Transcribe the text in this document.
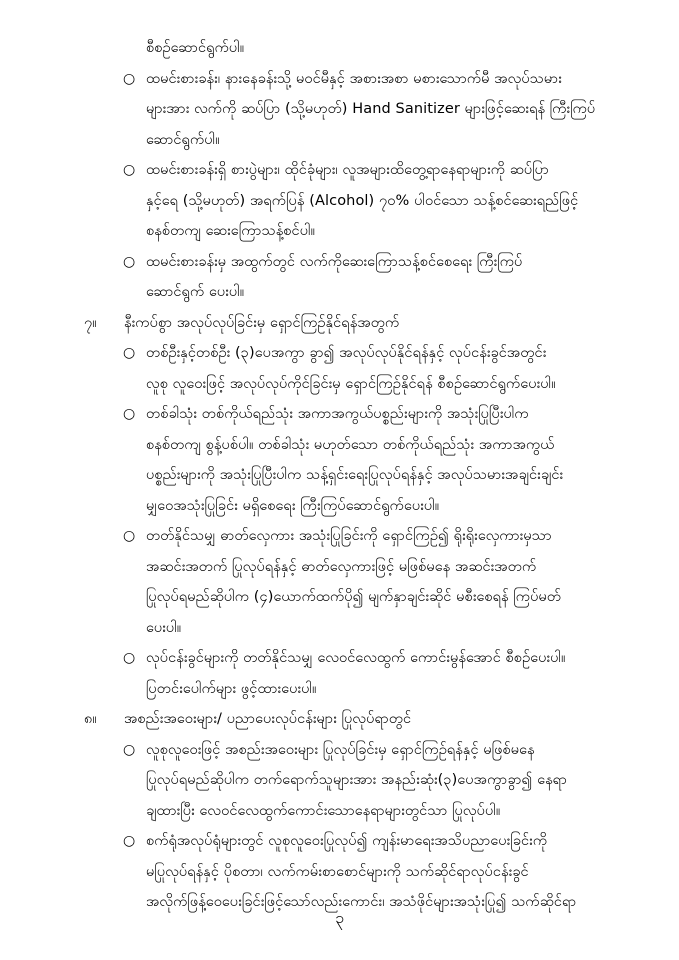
စီစဉ်ဆောင်ရွက်ပါ။
○ ထမင်းစားခန်း၊ နားနေခန်းသို့ မဝင်မီနှင့် အစားအစာ မစားသောက်မီ အလုပ်သမား
များအား လက်ကို ဆပ်ပြာ (သို့မဟုတ်) Hand Sanitizer များဖြင့်ဆေးရန် ကြီးကြပ်
ဆောင်ရွက်ပါ။
○ ထမင်းစားခန်းရှိ စားပွဲများ၊ ထိုင်ခုံများ၊ လူအများထိတွေ့ရာနေရာများကို ဆပ်ပြာ
နှင့်ရေ (သို့မဟုတ်) အရက်ပြန် (Alcohol) ၇၀% ပါဝင်သော သန့်စင်ဆေးရည်ဖြင့်
စနစ်တကျ ဆေးကြောသန့်စင်ပါ။
○ ထမင်းစားခန်းမှ အထွက်တွင် လက်ကိုဆေးကြောသန့်စင်စေရေး ကြီးကြပ်
ဆောင်ရွက် ပေးပါ။
၇။ နီးကပ်စွာ အလုပ်လုပ်ခြင်းမှ ရှောင်ကြဉ်နိုင်ရန်အတွက်
○ တစ်ဦးနှင့်တစ်ဦး (၃)ပေအကွာ ခွာ၍ အလုပ်လုပ်နိုင်ရန်နှင့် လုပ်ငန်းခွင်အတွင်း
လူစု လူဝေးဖြင့် အလုပ်လုပ်ကိုင်ခြင်းမှ ရှောင်ကြဉ်နိုင်ရန် စီစဉ်ဆောင်ရွက်ပေးပါ။
○ တစ်ခါသုံး တစ်ကိုယ်ရည်သုံး အကာအကွယ်ပစ္စည်းများကို အသုံးပြုပြီးပါက
စနစ်တကျ စွန့်ပစ်ပါ။ တစ်ခါသုံး မဟုတ်သော တစ်ကိုယ်ရည်သုံး အကာအကွယ်
ပစ္စည်းများကို အသုံးပြုပြီးပါက သန့်ရှင်းရေးပြုလုပ်ရန်နှင့် အလုပ်သမားအချင်းချင်း
မျှဝေအသုံးပြုခြင်း မရှိစေရေး ကြီးကြပ်ဆောင်ရွက်ပေးပါ။
○ တတ်နိုင်သမျှ ဓာတ်လှေကား အသုံးပြုခြင်းကို ရှောင်ကြဉ်၍ ရိုးရိုးလှေကားမှသာ
အဆင်းအတက် ပြုလုပ်ရန်နှင့် ဓာတ်လှေကားဖြင့် မဖြစ်မနေ အဆင်းအတက်
ပြုလုပ်ရမည်ဆိုပါက (၄)ယောက်ထက်ပို၍ မျက်နှာချင်းဆိုင် မစီးစေရန် ကြပ်မတ်
ပေးပါ။
○ လုပ်ငန်းခွင်များကို တတ်နိုင်သမျှ လေဝင်လေထွက် ကောင်းမွန်အောင် စီစဉ်ပေးပါ။
ပြတင်းပေါက်များ ဖွင့်ထားပေးပါ။
၈။ အစည်းအဝေးများ/ ပညာပေးလုပ်ငန်းများ ပြုလုပ်ရာတွင်
○ လူစုလူဝေးဖြင့် အစည်းအဝေးများ ပြုလုပ်ခြင်းမှ ရှောင်ကြဉ်ရန်နှင့် မဖြစ်မနေ
ပြုလုပ်ရမည်ဆိုပါက တက်ရောက်သူများအား အနည်းဆုံး(၃)ပေအကွာခွာ၍ နေရာ
ချထားပြီး လေဝင်လေထွက်ကောင်းသောနေရာများတွင်သာ ပြုလုပ်ပါ။
○ စက်ရုံအလုပ်ရုံများတွင် လူစုလူဝေးပြုလုပ်၍ ကျန်းမာရေးအသိပညာပေးခြင်းကို
မပြုလုပ်ရန်နှင့် ပိုစတာ၊ လက်ကမ်းစာစောင်များကို သက်ဆိုင်ရာလုပ်ငန်းခွင်
အလိုက်ဖြန့်ဝေပေးခြင်းဖြင့်သော်လည်းကောင်း၊ အသံဖိုင်များအသုံးပြု၍ သက်ဆိုင်ရာ
၃
